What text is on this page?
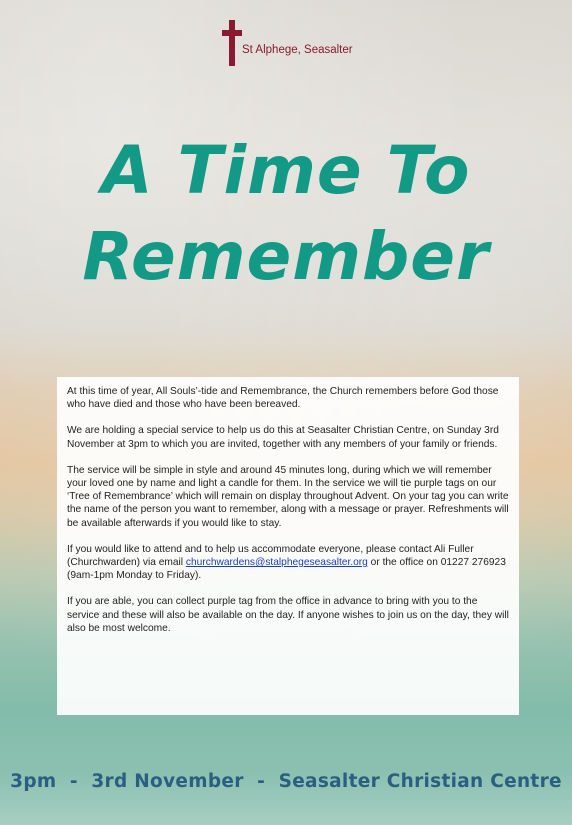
St Alphege, Seasalter
A Time To
Remember

At this time of year, All Souls’-tide and Remembrance, the Church remembers before God those who have died and those who have been bereaved.

We are holding a special service to help us do this at Seasalter Christian Centre, on Sunday 3rd November at 3pm to which you are invited, together with any members of your family or friends.

The service will be simple in style and around 45 minutes long, during which we will remember your loved one by name and light a candle for them. In the service we will tie purple tags on our ‘Tree of Remembrance’ which will remain on display throughout Advent. On your tag you can write the name of the person you want to remember, along with a message or prayer. Refreshments will be available afterwards if you would like to stay.

If you would like to attend and to help us accommodate everyone, please contact Ali Fuller (Churchwarden) via email churchwardens@stalphegeseasalter.org or the office on 01227 276923 (9am-1pm Monday to Friday).

If you are able, you can collect purple tag from the office in advance to bring with you to the service and these will also be available on the day. If anyone wishes to join us on the day, they will also be most welcome.

3pm  -  3rd November  -  Seasalter Christian Centre
